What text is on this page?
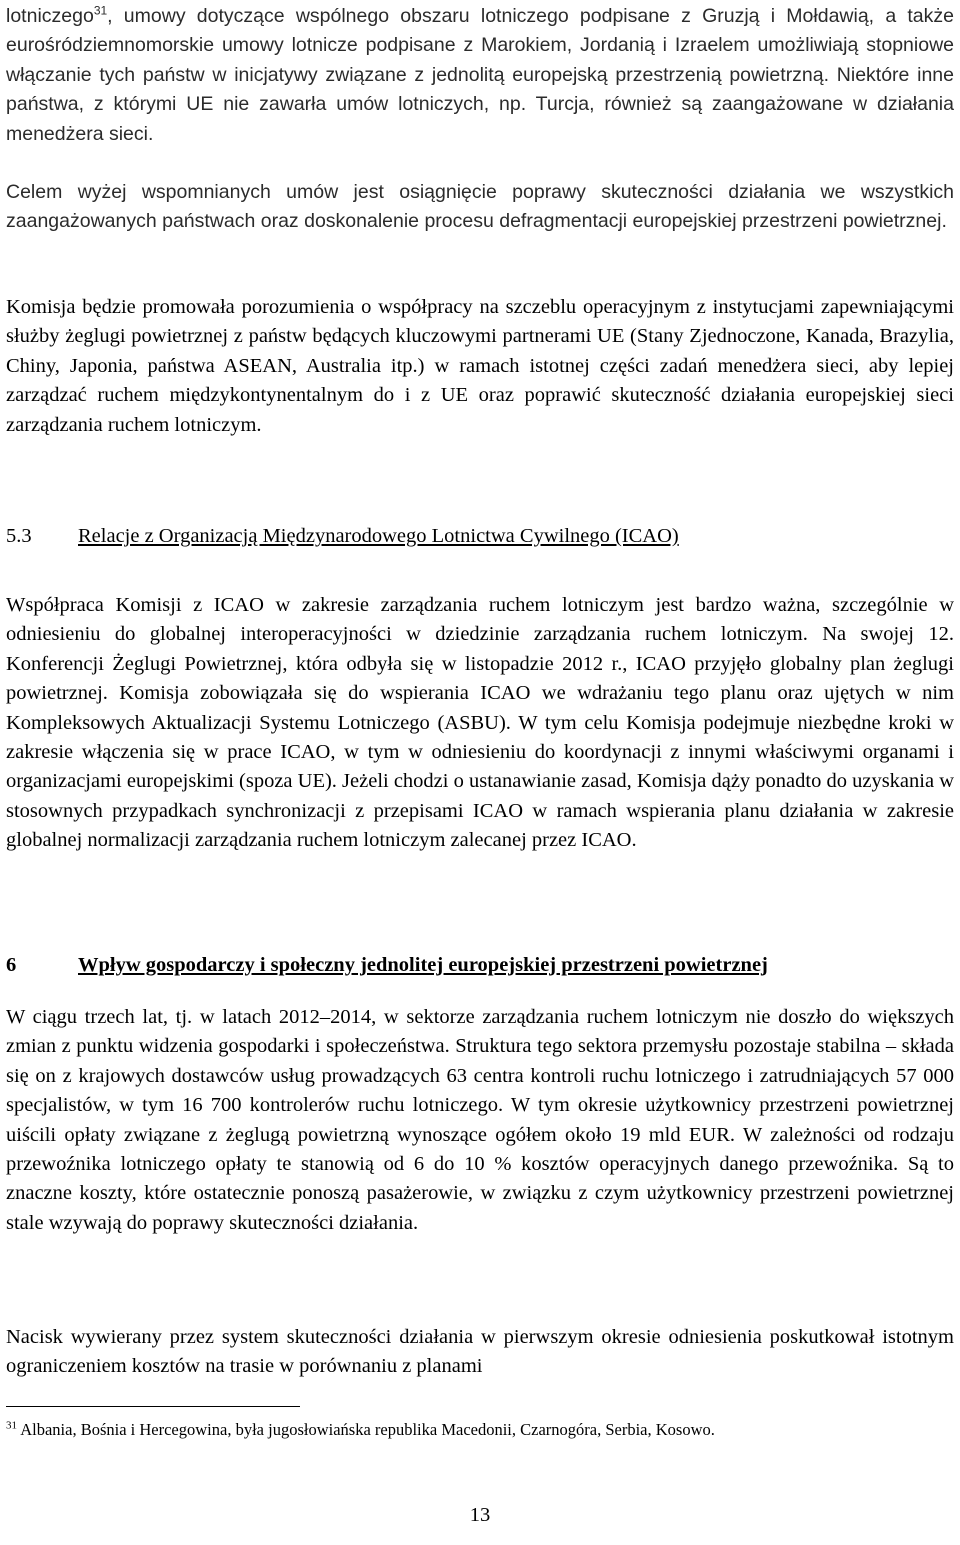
lotniczego$^{31}$, umowy dotyczące wspólnego obszaru lotniczego podpisane z Gruzją i Mołdawią, a także eurośródziemnomorskie umowy lotnicze podpisane z Marokiem, Jordanią i Izraelem umożliwiają stopniowe włączanie tych państw w inicjatywy związane z jednolitą europejską przestrzenią powietrzną. Niektóre inne państwa, z którymi UE nie zawarła umów lotniczych, np. Turcja, również są zaangażowane w działania menedżera sieci.

Celem wyżej wspomnianych umów jest osiągnięcie poprawy skuteczności działania we wszystkich zaangażowanych państwach oraz doskonalenie procesu defragmentacji europejskiej przestrzeni powietrznej.

Komisja będzie promowała porozumienia o współpracy na szczeblu operacyjnym z instytucjami zapewniającymi służby żeglugi powietrznej z państw będących kluczowymi partnerami UE (Stany Zjednoczone, Kanada, Brazylia, Chiny, Japonia, państwa ASEAN, Australia itp.) w ramach istotnej części zadań menedżera sieci, aby lepiej zarządzać ruchem międzykontynentalnym do i z UE oraz poprawić skuteczność działania europejskiej sieci zarządzania ruchem lotniczym.

5.3 Relacje z Organizacją Międzynarodowego Lotnictwa Cywilnego (ICAO)

Współpraca Komisji z ICAO w zakresie zarządzania ruchem lotniczym jest bardzo ważna, szczególnie w odniesieniu do globalnej interoperacyjności w dziedzinie zarządzania ruchem lotniczym. Na swojej 12. Konferencji Żeglugi Powietrznej, która odbyła się w listopadzie 2012 r., ICAO przyjęło globalny plan żeglugi powietrznej. Komisja zobowiązała się do wspierania ICAO we wdrażaniu tego planu oraz ujętych w nim Kompleksowych Aktualizacji Systemu Lotniczego (ASBU). W tym celu Komisja podejmuje niezbędne kroki w zakresie włączenia się w prace ICAO, w tym w odniesieniu do koordynacji z innymi właściwymi organami i organizacjami europejskimi (spoza UE). Jeżeli chodzi o ustanawianie zasad, Komisja dąży ponadto do uzyskania w stosownych przypadkach synchronizacji z przepisami ICAO w ramach wspierania planu działania w zakresie globalnej normalizacji zarządzania ruchem lotniczym zalecanej przez ICAO.

6	Wpływ gospodarczy i społeczny jednolitej europejskiej przestrzeni powietrznej

W ciągu trzech lat, tj. w latach 2012–2014, w sektorze zarządzania ruchem lotniczym nie doszło do większych zmian z punktu widzenia gospodarki i społeczeństwa. Struktura tego sektora przemysłu pozostaje stabilna – składa się on z krajowych dostawców usług prowadzących 63 centra kontroli ruchu lotniczego i zatrudniających 57 000 specjalistów, w tym 16 700 kontrolerów ruchu lotniczego. W tym okresie użytkownicy przestrzeni powietrznej uiścili opłaty związane z żeglugą powietrzną wynoszące ogółem około 19 mld EUR. W zależności od rodzaju przewoźnika lotniczego opłaty te stanowią od 6 do 10 % kosztów operacyjnych danego przewoźnika. Są to znaczne koszty, które ostatecznie ponoszą pasażerowie, w związku z czym użytkownicy przestrzeni powietrznej stale wzywają do poprawy skuteczności działania.

Nacisk wywierany przez system skuteczności działania w pierwszym okresie odniesienia poskutkował istotnym ograniczeniem kosztów na trasie w porównaniu z planami

$^{31}$ Albania, Bośnia i Hercegowina, była jugosłowiańska republika Macedonii, Czarnogóra, Serbia, Kosowo.
13
